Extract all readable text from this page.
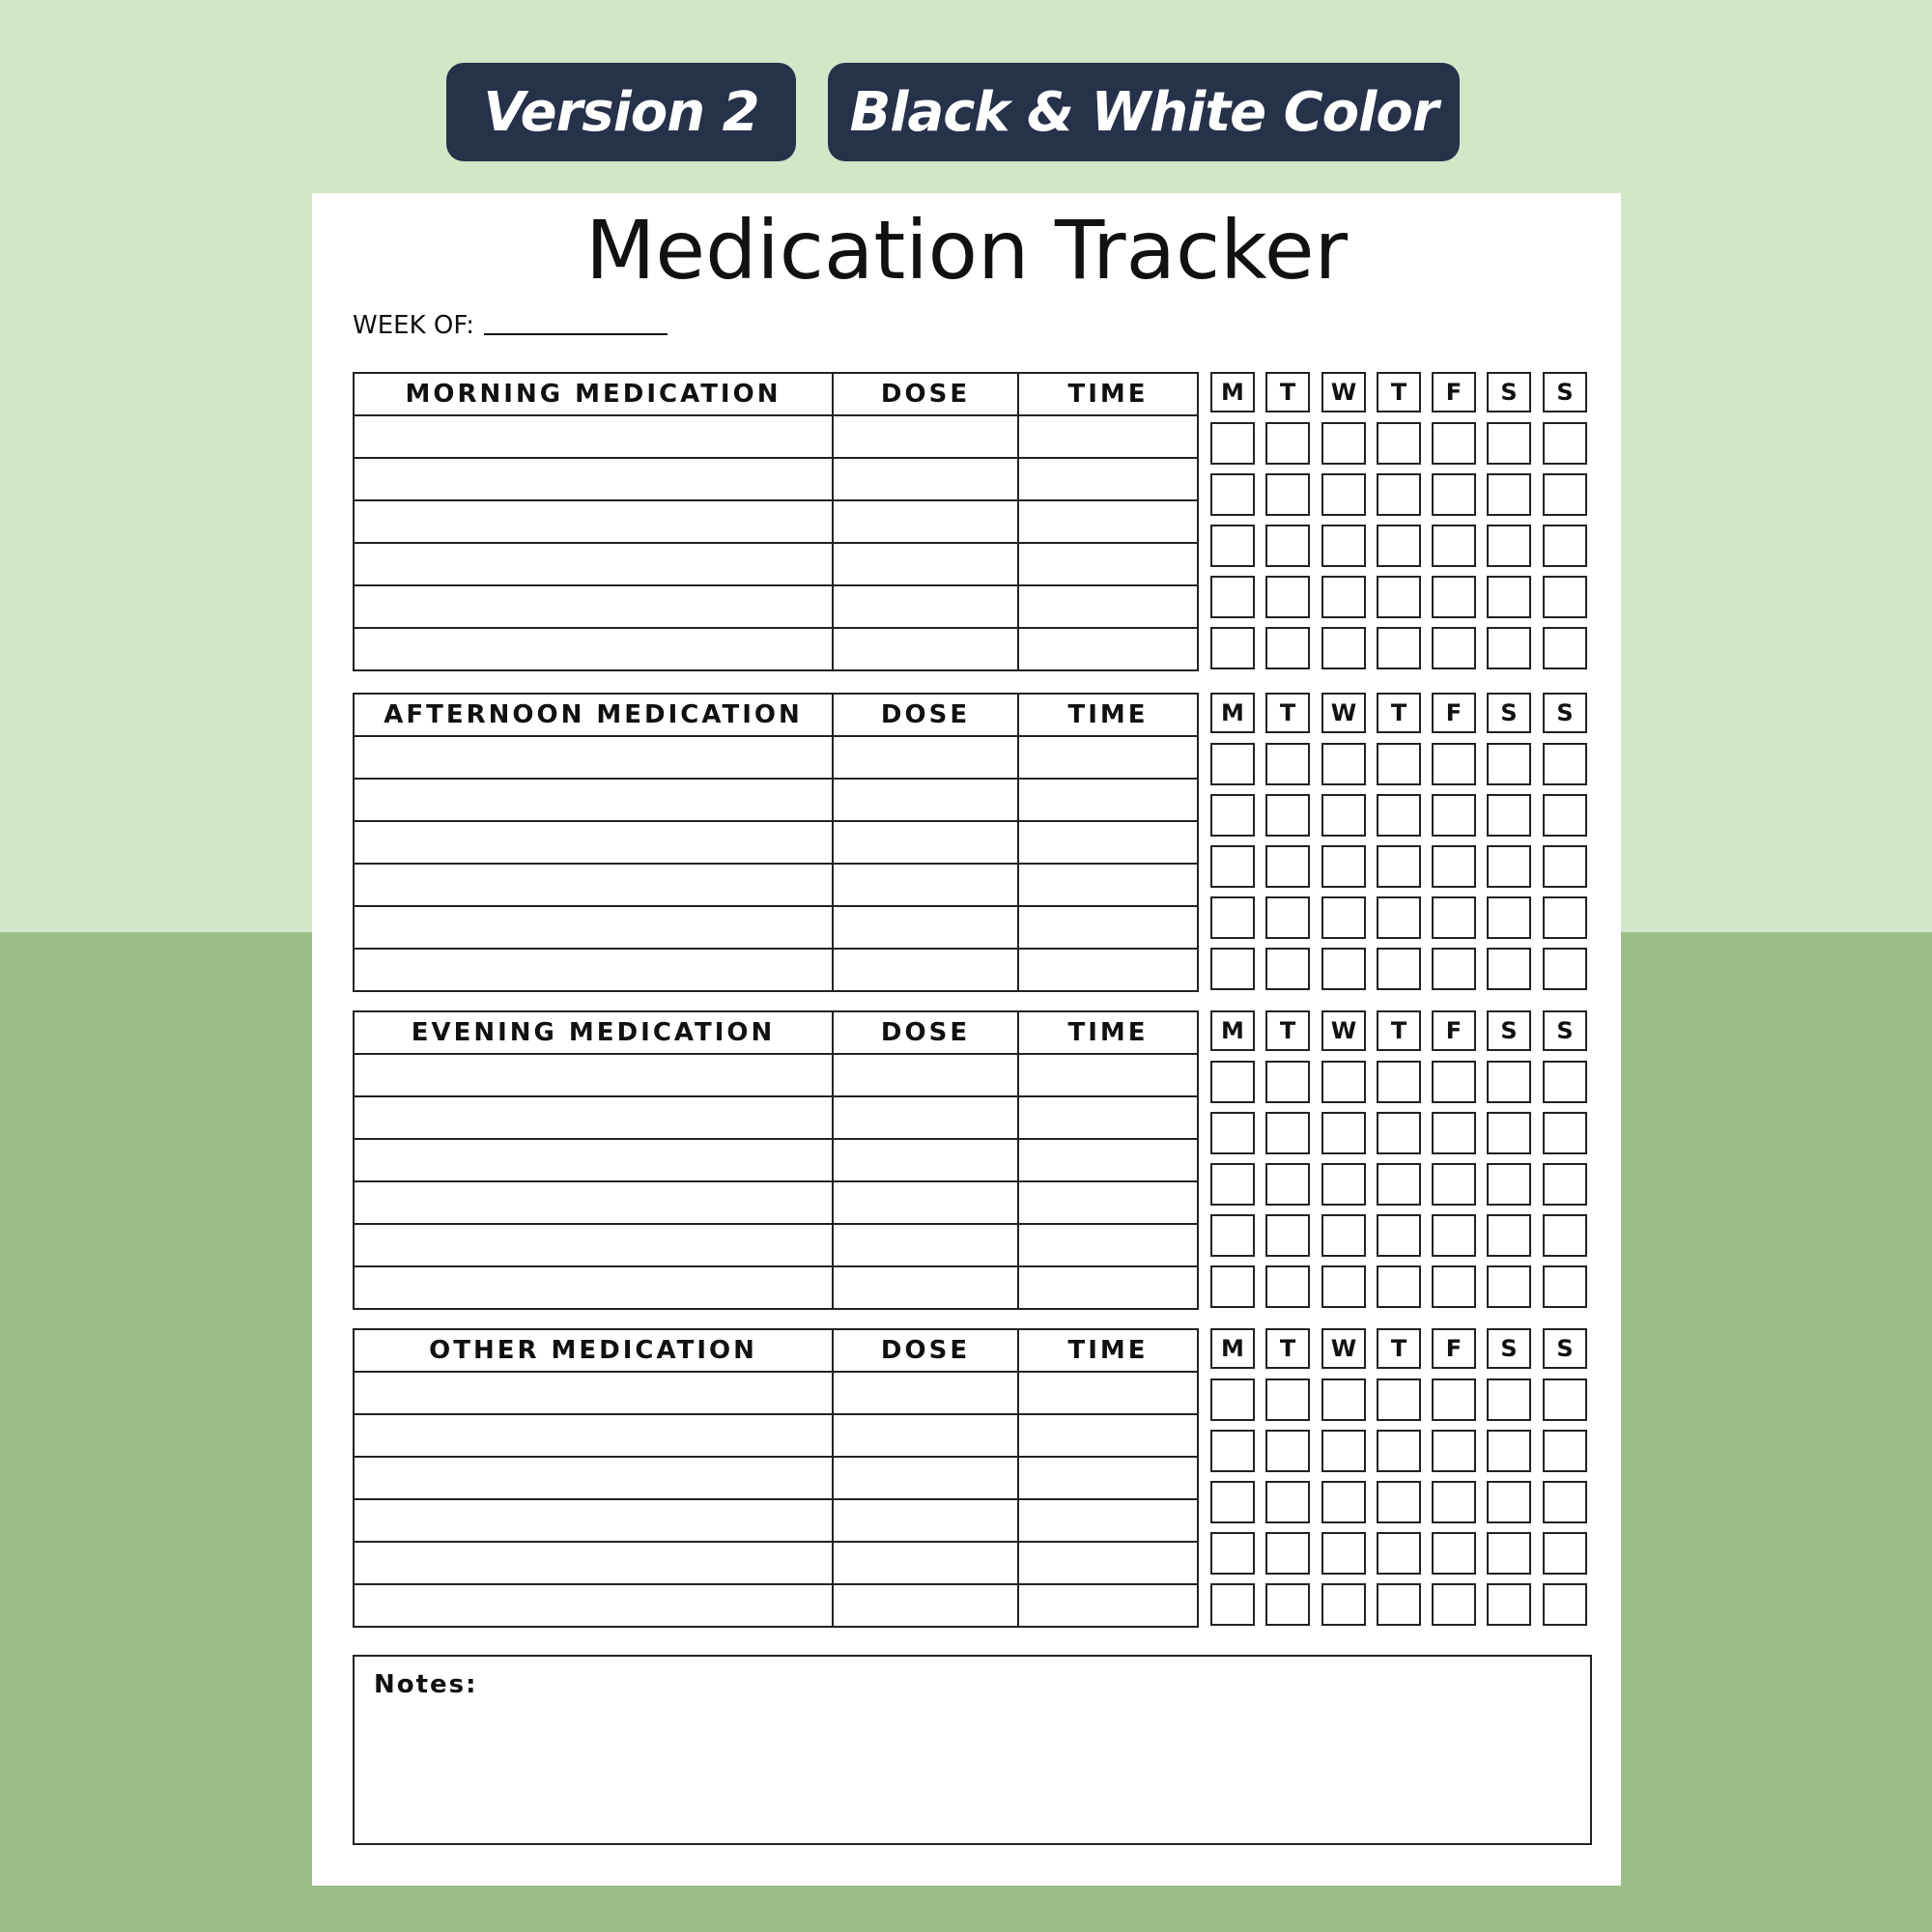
Version 2	Black & White Color
Medication Tracker
WEEK OF:
MORNING MEDICATION	DOSE	TIME

			M	T	W	T	F	S	S
AFTERNOON MEDICATION	DOSE	TIME

			M	T	W	T	F	S	S
EVENING MEDICATION	DOSE	TIME

			M	T	W	T	F	S	S
OTHER MEDICATION	DOSE	TIME

			M	T	W	T	F	S	S
Notes:
